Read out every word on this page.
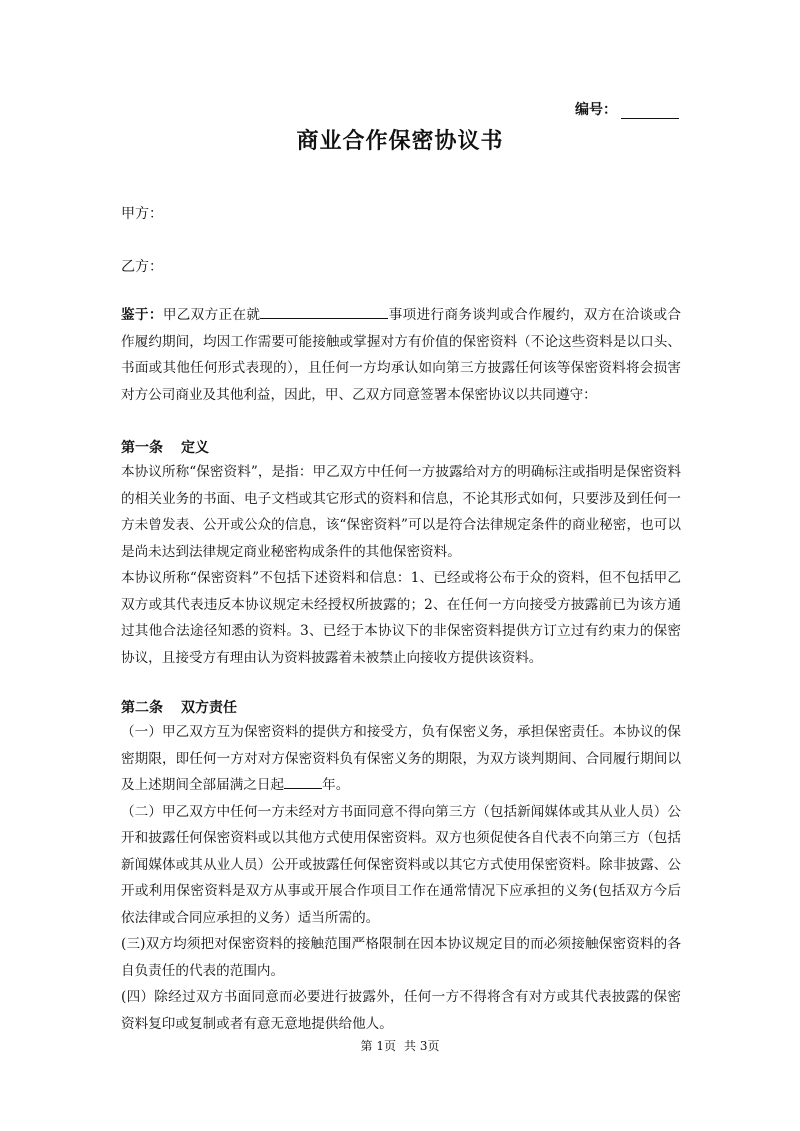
编号：
商业合作保密协议书
甲方：
乙方：

鉴于：甲乙双方正在就	事项进行商务谈判或合作履约，双方在洽谈或合作履约期间，均因工作需要可能接触或掌握对方有价值的保密资料（不论这些资料是以口头、书面或其他任何形式表现的），且任何一方均承认如向第三方披露任何该等保密资料将会损害对方公司商业及其他利益，因此，甲、乙双方同意签署本保密协议以共同遵守：

第一条 定义

本协议所称“保密资料”，是指：甲乙双方中任何一方披露给对方的明确标注或指明是保密资料的相关业务的书面、电子文档或其它形式的资料和信息，不论其形式如何，只要涉及到任何一方未曾发表、公开或公众的信息，该“保密资料”可以是符合法律规定条件的商业秘密，也可以是尚未达到法律规定商业秘密构成条件的其他保密资料。

本协议所称“保密资料”不包括下述资料和信息：1、已经或将公布于众的资料，但不包括甲乙双方或其代表违反本协议规定未经授权所披露的；2、在任何一方向接受方披露前已为该方通过其他合法途径知悉的资料。3、已经于本协议下的非保密资料提供方订立过有约束力的保密协议，且接受方有理由认为资料披露着未被禁止向接收方提供该资料。

第二条 双方责任

（一）甲乙双方互为保密资料的提供方和接受方，负有保密义务，承担保密责任。本协议的保密期限，即任何一方对对方保密资料负有保密义务的期限，为双方谈判期间、合同履行期间以及上述期间全部届满之日起	年。

（二）甲乙双方中任何一方未经对方书面同意不得向第三方（包括新闻媒体或其从业人员）公开和披露任何保密资料或以其他方式使用保密资料。双方也须促使各自代表不向第三方（包括新闻媒体或其从业人员）公开或披露任何保密资料或以其它方式使用保密资料。除非披露、公开或利用保密资料是双方从事或开展合作项目工作在通常情况下应承担的义务(包括双方今后依法律或合同应承担的义务）适当所需的。

(三)双方均须把对保密资料的接触范围严格限制在因本协议规定目的而必须接触保密资料的各自负责任的代表的范围内。

(四）除经过双方书面同意而必要进行披露外，任何一方不得将含有对方或其代表披露的保密资料复印或复制或者有意无意地提供给他人。

第 1页 共 3页
